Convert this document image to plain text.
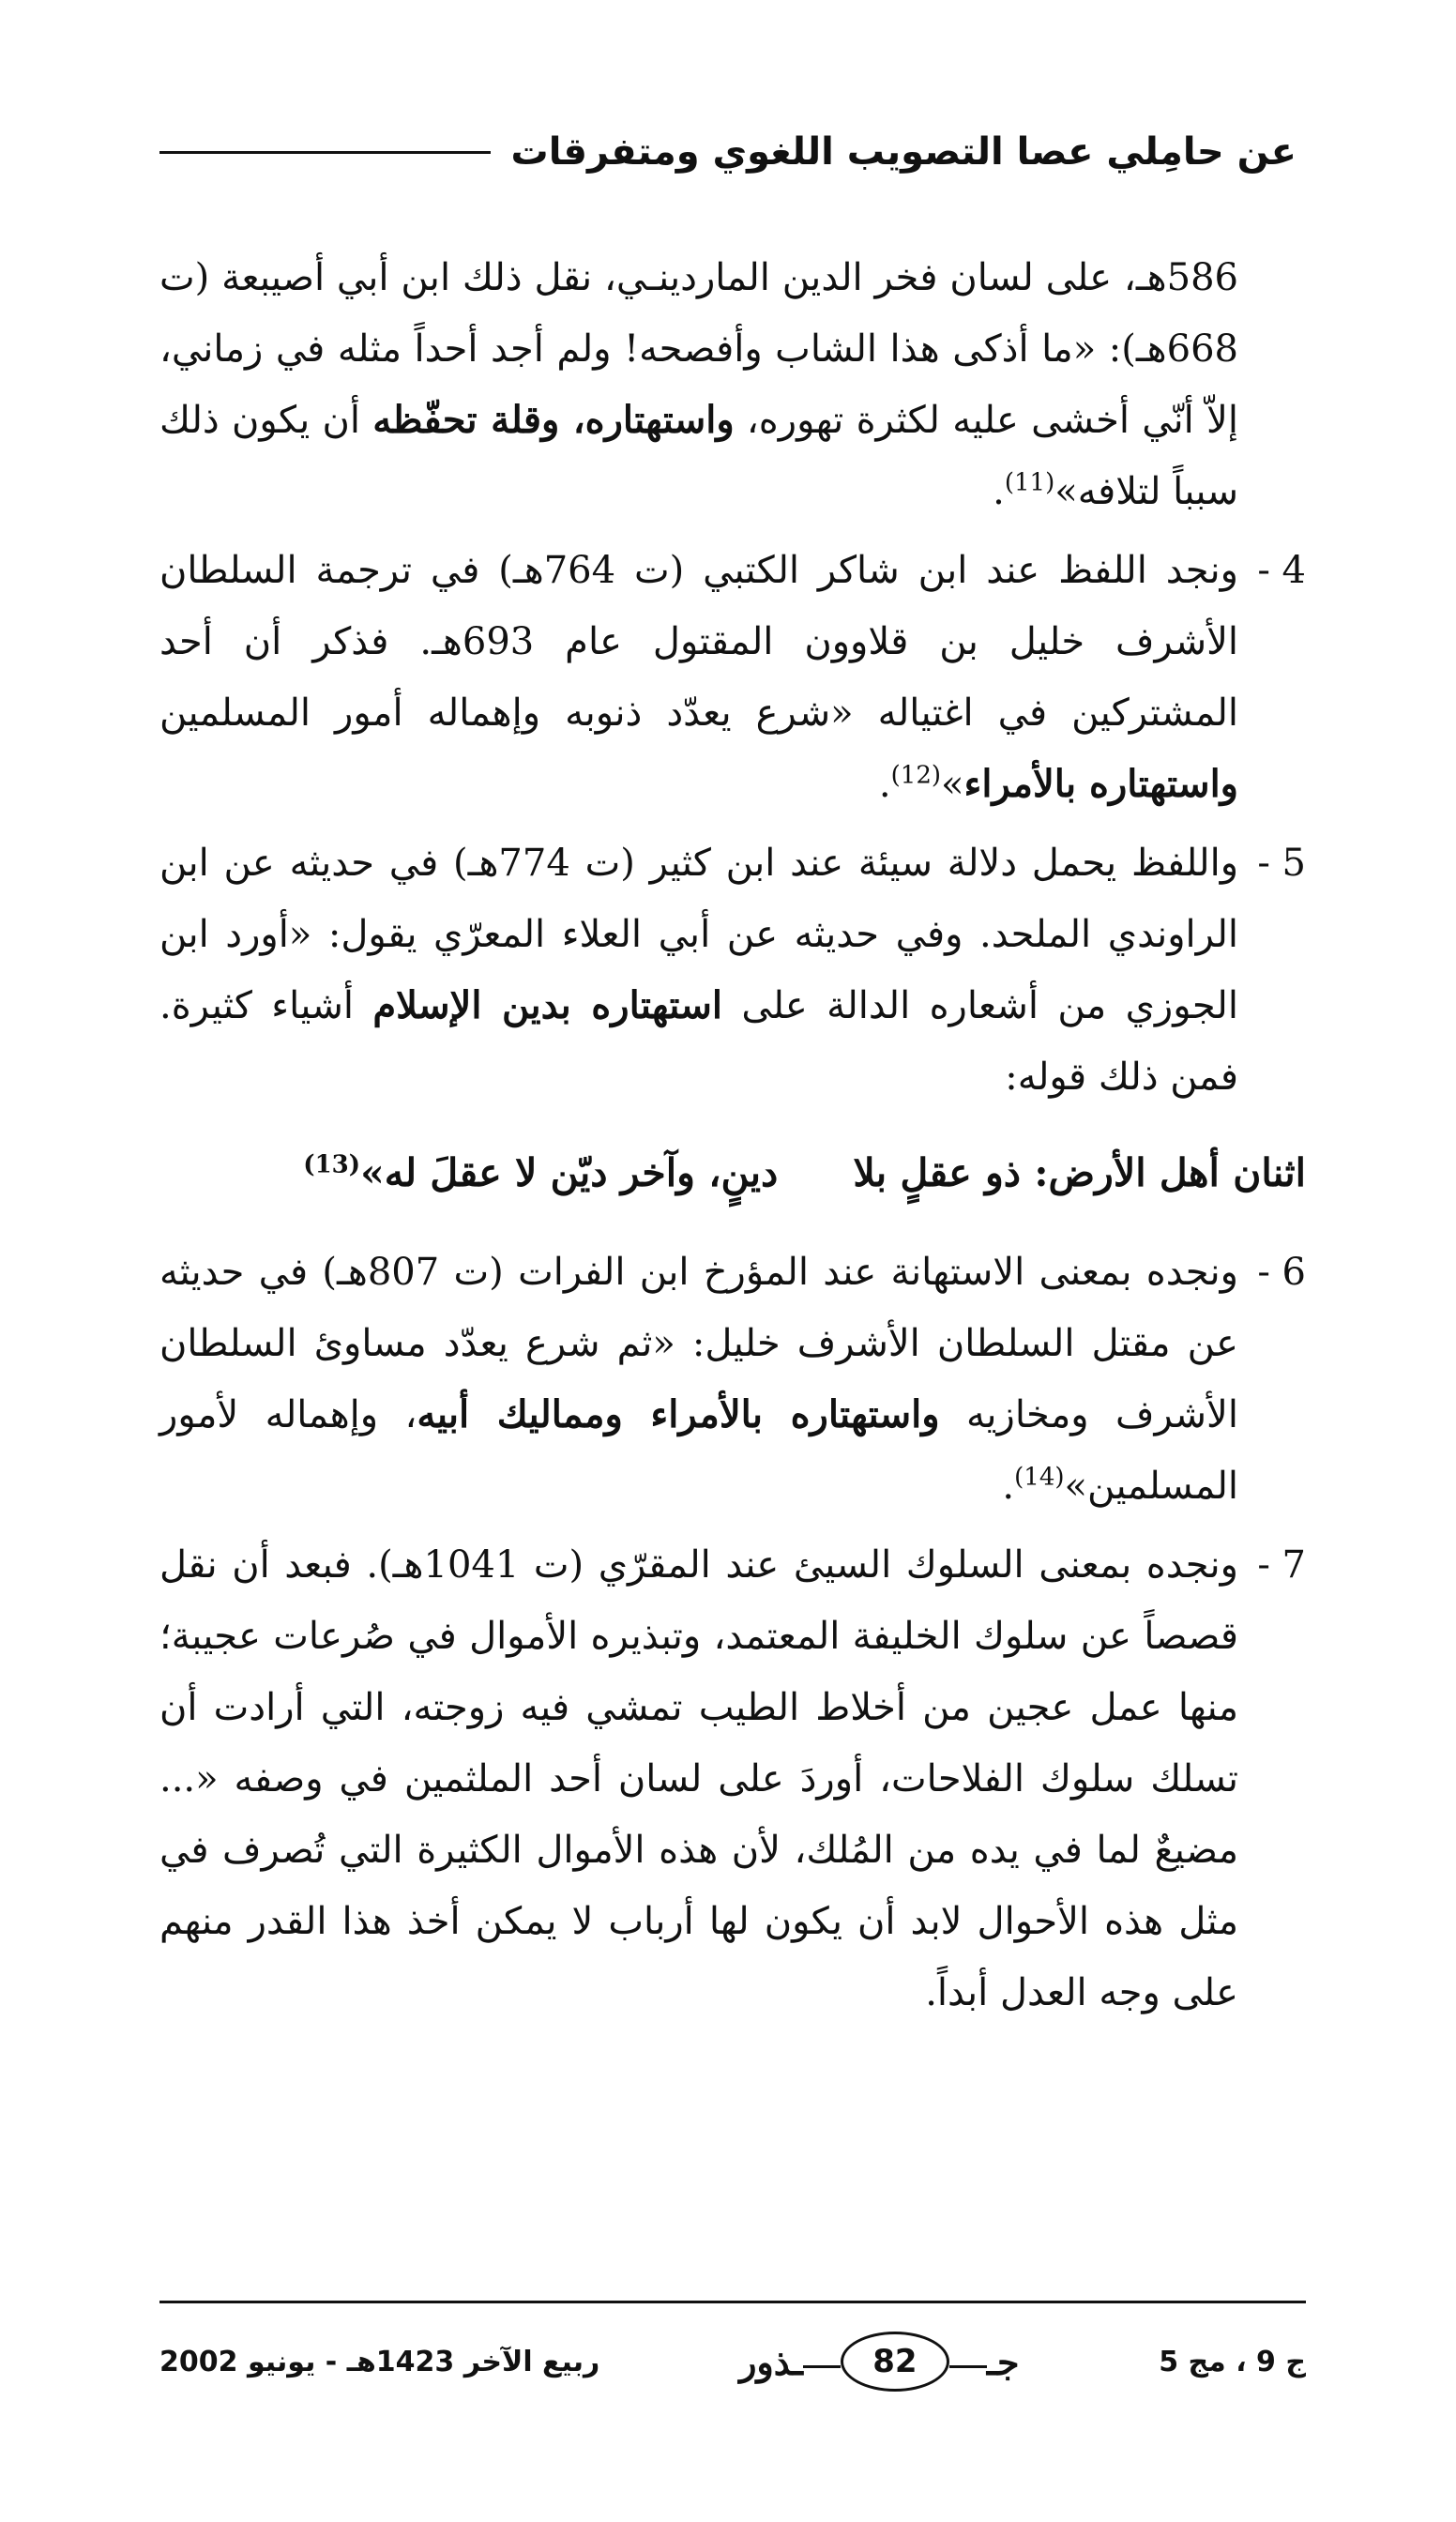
عن حامِلي عصا التصويب اللغوي ومتفرقات

586هـ، على لسان فخر الدين الماردينـي، نقل ذلك ابن أبي أصيبعة (ت 668هـ): «ما أذكى هذا الشاب وأفصحه! ولم أجد أحداً مثله في زماني، إلاّ أنّي أخشى عليه لكثرة تهوره، واستهتاره، وقلة تحفّظه أن يكون ذلك سبباً لتلافه»$^{(11)}$.

4 -
ونجد اللفظ عند ابن شاكر الكتبي (ت 764هـ) في ترجمة السلطان الأشرف خليل بن قلاوون المقتول عام 693هـ. فذكر أن أحد المشتركين في اغتياله «شرع يعدّد ذنوبه وإهماله أمور المسلمين واستهتاره بالأمراء»$^{(12)}$.

5 -
واللفظ يحمل دلالة سيئة عند ابن كثير (ت 774هـ) في حديثه عن ابن الراوندي الملحد. وفي حديثه عن أبي العلاء المعرّي يقول: «أورد ابن الجوزي من أشعاره الدالة على استهتاره بدين الإسلام أشياء كثيرة. فمن ذلك قوله:

اثنان أهل الأرض: ذو عقلٍ بلا
دينٍ، وآخر ديّن لا عقلَ له»$^{(13)}$

6 -
ونجده بمعنى الاستهانة عند المؤرخ ابن الفرات (ت 807هـ) في حديثه عن مقتل السلطان الأشرف خليل: «ثم شرع يعدّد مساوئ السلطان الأشرف ومخازيه واستهتاره بالأمراء ومماليك أبيه، وإهماله لأمور المسلمين»$^{(14)}$.

7 -
ونجده بمعنى السلوك السيئ عند المقرّي (ت 1041هـ). فبعد أن نقل قصصاً عن سلوك الخليفة المعتمد، وتبذيره الأموال في صُرعات عجيبة؛ منها عمل عجين من أخلاط الطيب تمشي فيه زوجته، التي أرادت أن تسلك سلوك الفلاحات، أوردَ على لسان أحد الملثمين في وصفه «... مضيعٌ لما في يده من المُلك، لأن هذه الأموال الكثيرة التي تُصرف في مثل هذه الأحوال لابد أن يكون لها أرباب لا يمكن أخذ هذا القدر منهم على وجه العدل أبداً.

ج 9 ، مج 5
جـ
82
ـذور
ربيع الآخر 1423هـ - يونيو 2002
